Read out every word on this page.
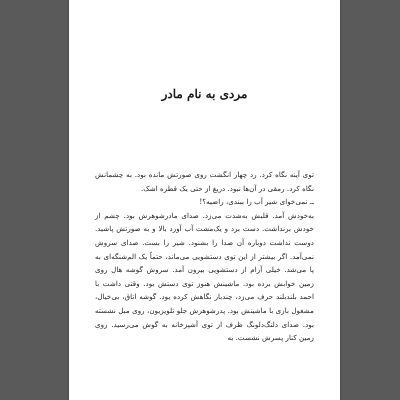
مردی به نام مادر

توی آینه نگاه کرد. رد چهار انگشت روی صورتش مانده بود. به چشمانش نگاه کرد. رمقی در آن‌ها نبود. دریغ از حتی یک قطره اشک.

ــ نمی‌خوای شیر آب را ببندی، راضیه؟!

به‌خودش آمد. قلبش به‌شدت می‌زد. صدای مادرشوهرش بود. چشم از خودش برنداشت. دست برد و یک‌مشت آب آورد بالا و به صورتش پاشید. دوست نداشت دوباره آن صدا را بشنود. شیر را بست. صدای سروش نمی‌آمد. اگر بیشتر از این توی دستشویی می‌ماند، حتماً یک الم‌شنگه‌ای به پا می‌شد. خیلی آرام از دستشویی بیرون آمد. سروش گوشه هال روی زمین خوابش برده بود. ماشینش هنوز توی دستش بود. وقتی داشت با احمد بلندبلند حرف می‌زد، چندبار نگاهش کرده بود. گوشه اتاق، بی‌خیال، مشغول بازی با ماشینش بود. پدرشوهرش جلو تلویزیون، روی مبل نشسته بود. صدای دلنگ‌دلونگ ظرف از توی آشپزخانه به گوش می‌رسید. روی زمین کنار پسرش نشست. به
